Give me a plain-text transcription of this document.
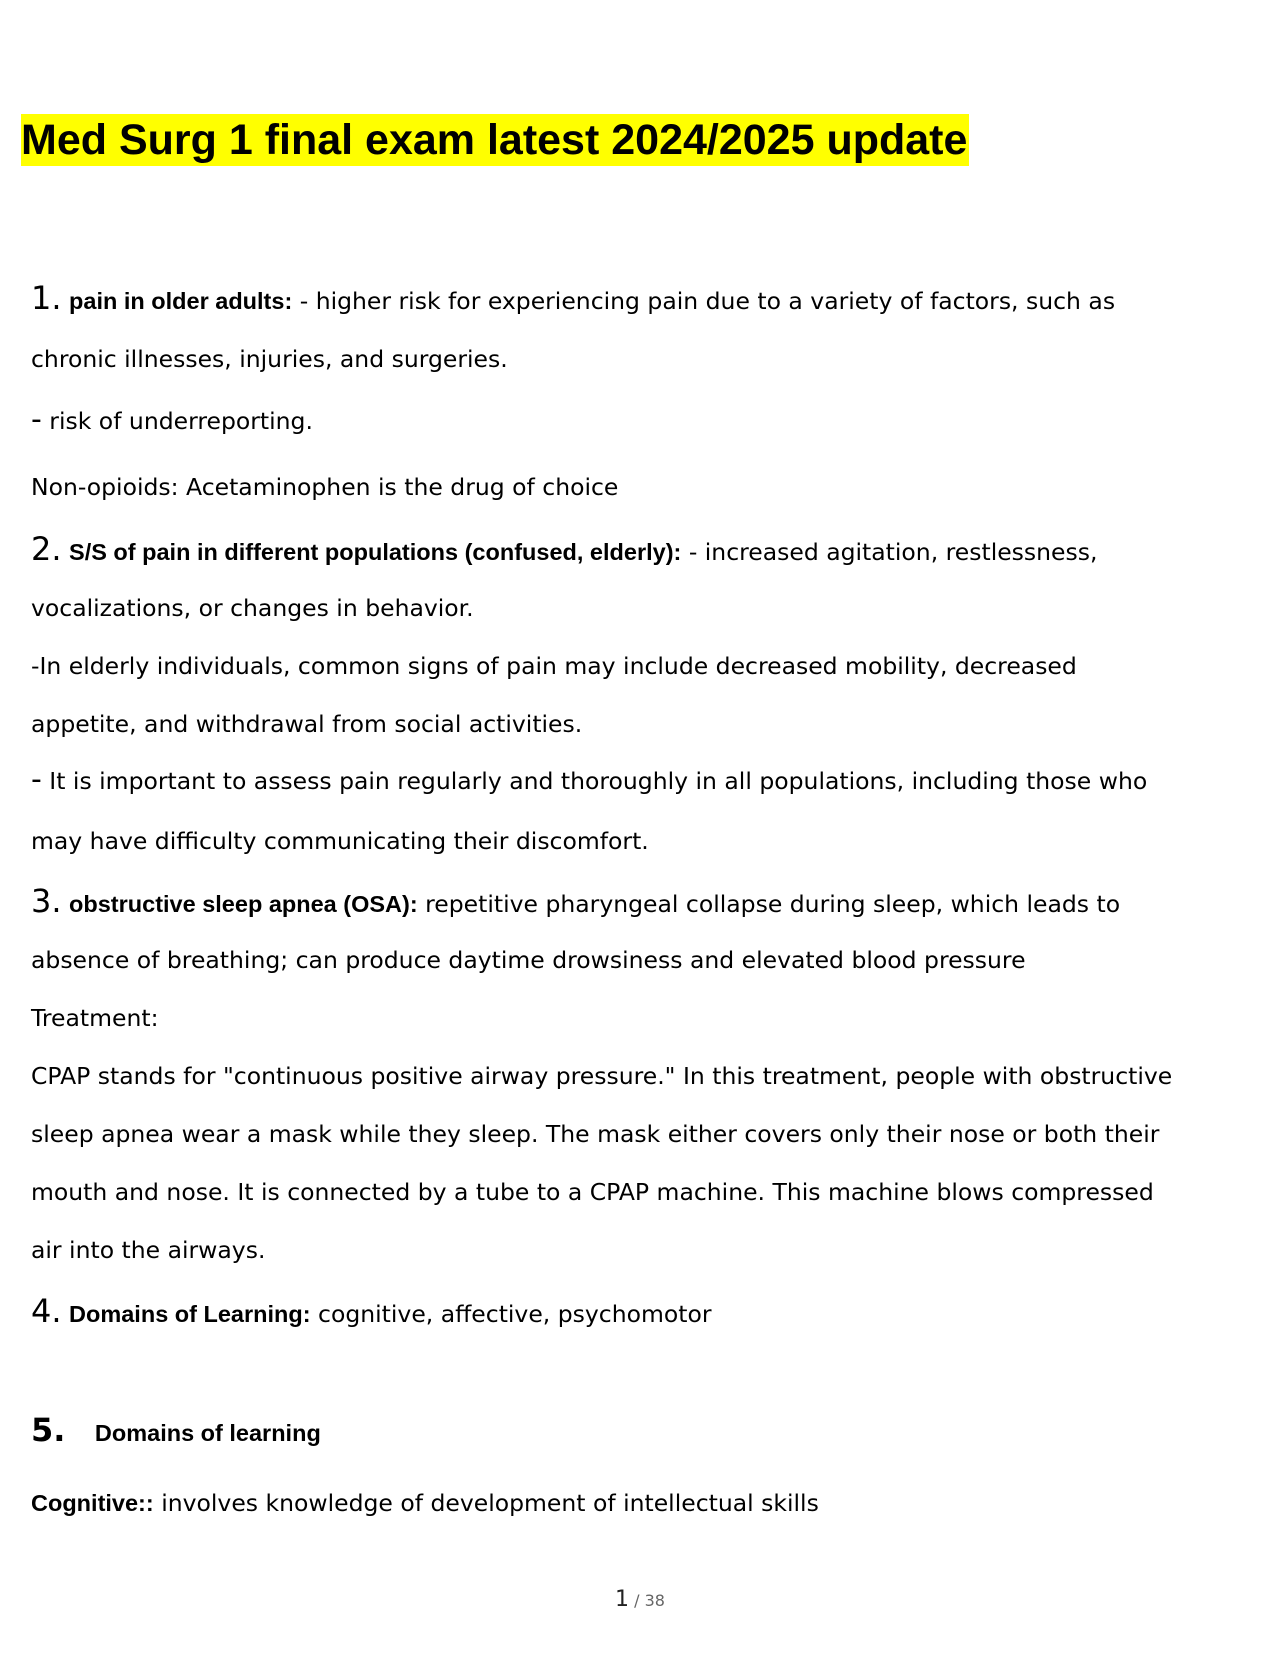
Med Surg 1 final exam latest 2024/2025 update
1. pain in older adults: - higher risk for experiencing pain due to a variety of factors, such as
chronic illnesses, injuries, and surgeries.
- risk of underreporting.
Non-opioids: Acetaminophen is the drug of choice
2. S/S of pain in different populations (confused, elderly): - increased agitation, restlessness,
vocalizations, or changes in behavior.
-In elderly individuals, common signs of pain may include decreased mobility, decreased
appetite, and withdrawal from social activities.
- It is important to assess pain regularly and thoroughly in all populations, including those who
may have difficulty communicating their discomfort.
3. obstructive sleep apnea (OSA): repetitive pharyngeal collapse during sleep, which leads to
absence of breathing; can produce daytime drowsiness and elevated blood pressure
Treatment:
CPAP stands for "continuous positive airway pressure." In this treatment, people with obstructive
sleep apnea wear a mask while they sleep. The mask either covers only their nose or both their
mouth and nose. It is connected by a tube to a CPAP machine. This machine blows compressed
air into the airways.
4. Domains of Learning: cognitive, affective, psychomotor
5. Domains of learning
Cognitive:: involves knowledge of development of intellectual skills
1 / 38
